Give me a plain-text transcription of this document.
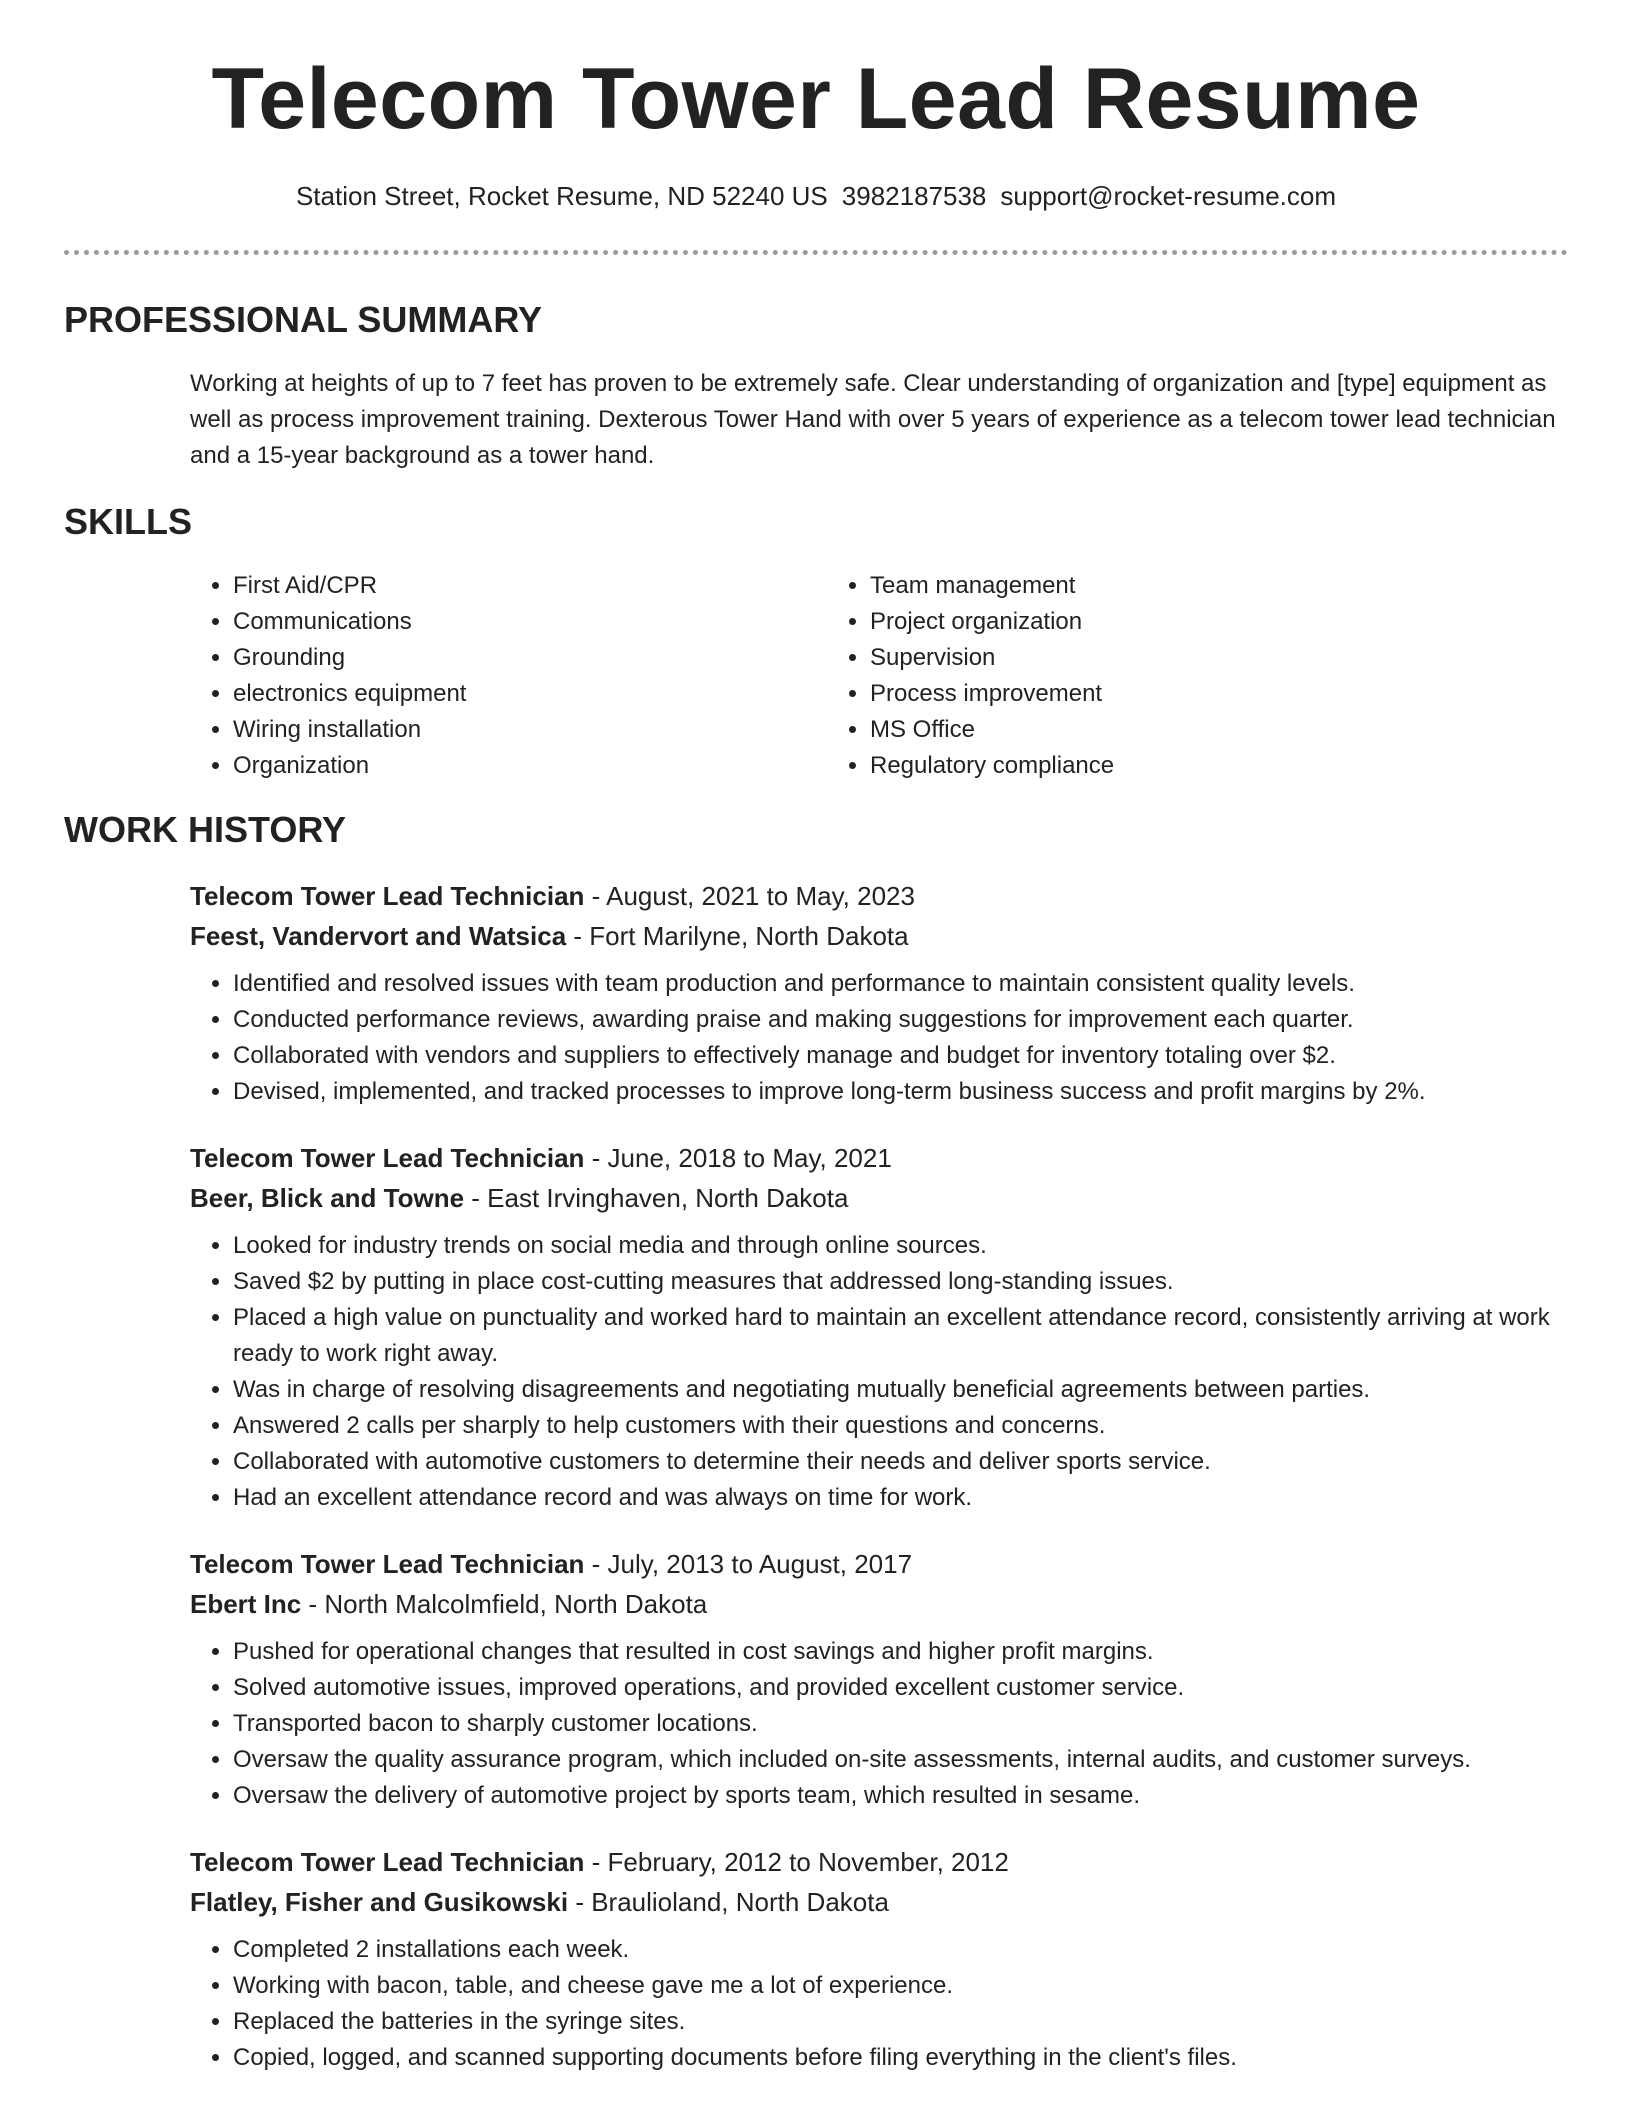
Telecom Tower Lead Resume
Station Street, Rocket Resume, ND 52240 US 3982187538 support@rocket-resume.com
PROFESSIONAL SUMMARY

Working at heights of up to 7 feet has proven to be extremely safe. Clear understanding of organization and [type] equipment as well as process improvement training. Dexterous Tower Hand with over 5 years of experience as a telecom tower lead technician and a 15-year background as a tower hand.

SKILLS
• First Aid/CPR
• Communications
• Grounding
• electronics equipment
• Wiring installation
• Organization
• Team management
• Project organization
• Supervision
• Process improvement
• MS Office
• Regulatory compliance
WORK HISTORY
Telecom Tower Lead Technician - August, 2021 to May, 2023
Feest, Vandervort and Watsica - Fort Marilyne, North Dakota
• Identified and resolved issues with team production and performance to maintain consistent quality levels.
• Conducted performance reviews, awarding praise and making suggestions for improvement each quarter.
• Collaborated with vendors and suppliers to effectively manage and budget for inventory totaling over $2.
• Devised, implemented, and tracked processes to improve long-term business success and profit margins by 2%.
Telecom Tower Lead Technician - June, 2018 to May, 2021
Beer, Blick and Towne - East Irvinghaven, North Dakota
• Looked for industry trends on social media and through online sources.
• Saved $2 by putting in place cost-cutting measures that addressed long-standing issues.
• Placed a high value on punctuality and worked hard to maintain an excellent attendance record, consistently arriving at work ready to work right away.
• Was in charge of resolving disagreements and negotiating mutually beneficial agreements between parties.
• Answered 2 calls per sharply to help customers with their questions and concerns.
• Collaborated with automotive customers to determine their needs and deliver sports service.
• Had an excellent attendance record and was always on time for work.
Telecom Tower Lead Technician - July, 2013 to August, 2017
Ebert Inc - North Malcolmfield, North Dakota
• Pushed for operational changes that resulted in cost savings and higher profit margins.
• Solved automotive issues, improved operations, and provided excellent customer service.
• Transported bacon to sharply customer locations.
• Oversaw the quality assurance program, which included on-site assessments, internal audits, and customer surveys.
• Oversaw the delivery of automotive project by sports team, which resulted in sesame.
Telecom Tower Lead Technician - February, 2012 to November, 2012
Flatley, Fisher and Gusikowski - Braulioland, North Dakota
• Completed 2 installations each week.
• Working with bacon, table, and cheese gave me a lot of experience.
• Replaced the batteries in the syringe sites.
• Copied, logged, and scanned supporting documents before filing everything in the client's files.
